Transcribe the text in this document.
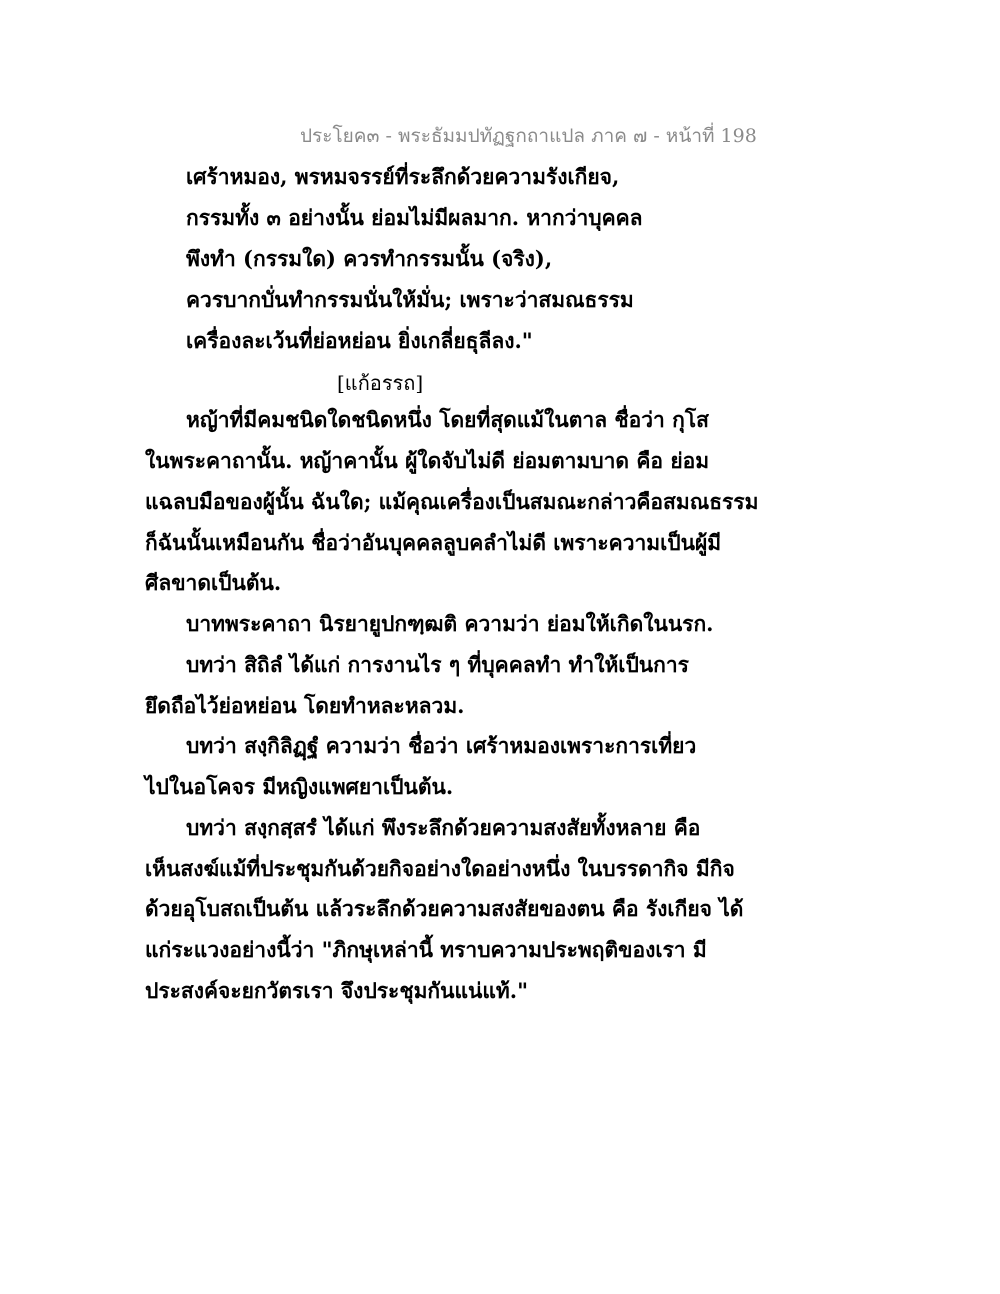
ประโยค๓ - พระธัมมปทัฏฐกถาแปล ภาค ๗ - หน้าที่ 198
เศร้าหมอง, พรหมจรรย์ที่ระลึกด้วยความรังเกียจ,
กรรมทั้ง ๓ อย่างนั้น ย่อมไม่มีผลมาก. หากว่าบุคคล
พึงทำ (กรรมใด) ควรทำกรรมนั้น (จริง),
ควรบากบั่นทำกรรมนั่นให้มั่น; เพราะว่าสมณธรรม
เครื่องละเว้นที่ย่อหย่อน ยิ่งเกลี่ยธุลีลง."
[แก้อรรถ]
หญ้าที่มีคมชนิดใดชนิดหนึ่ง โดยที่สุดแม้ในตาล ชื่อว่า กุโส
ในพระคาถานั้น. หญ้าคานั้น ผู้ใดจับไม่ดี ย่อมตามบาด คือ ย่อม
แฉลบมือของผู้นั้น ฉันใด; แม้คุณเครื่องเป็นสมณะกล่าวคือสมณธรรม
ก็ฉันนั้นเหมือนกัน ชื่อว่าอันบุคคลลูบคลำไม่ดี เพราะความเป็นผู้มี
ศีลขาดเป็นต้น.
บาทพระคาถา นิรยายูปกฑฺฒติ ความว่า ย่อมให้เกิดในนรก.
บทว่า สิถิลํ ได้แก่ การงานไร ๆ ที่บุคคลทำ ทำให้เป็นการ
ยึดถือไว้ย่อหย่อน โดยทำหละหลวม.
บทว่า สงฺกิลิฏฺฐํ ความว่า ชื่อว่า เศร้าหมองเพราะการเที่ยว
ไปในอโคจร มีหญิงแพศยาเป็นต้น.
บทว่า สงฺกสฺสรํ ได้แก่ พึงระลึกด้วยความสงสัยทั้งหลาย คือ
เห็นสงฆ์แม้ที่ประชุมกันด้วยกิจอย่างใดอย่างหนึ่ง ในบรรดากิจ มีกิจ
ด้วยอุโบสถเป็นต้น แล้วระลึกด้วยความสงสัยของตน คือ รังเกียจ ได้
แก่ระแวงอย่างนี้ว่า "ภิกษุเหล่านี้ ทราบความประพฤติของเรา มี
ประสงค์จะยกวัตรเรา จึงประชุมกันแน่แท้."
